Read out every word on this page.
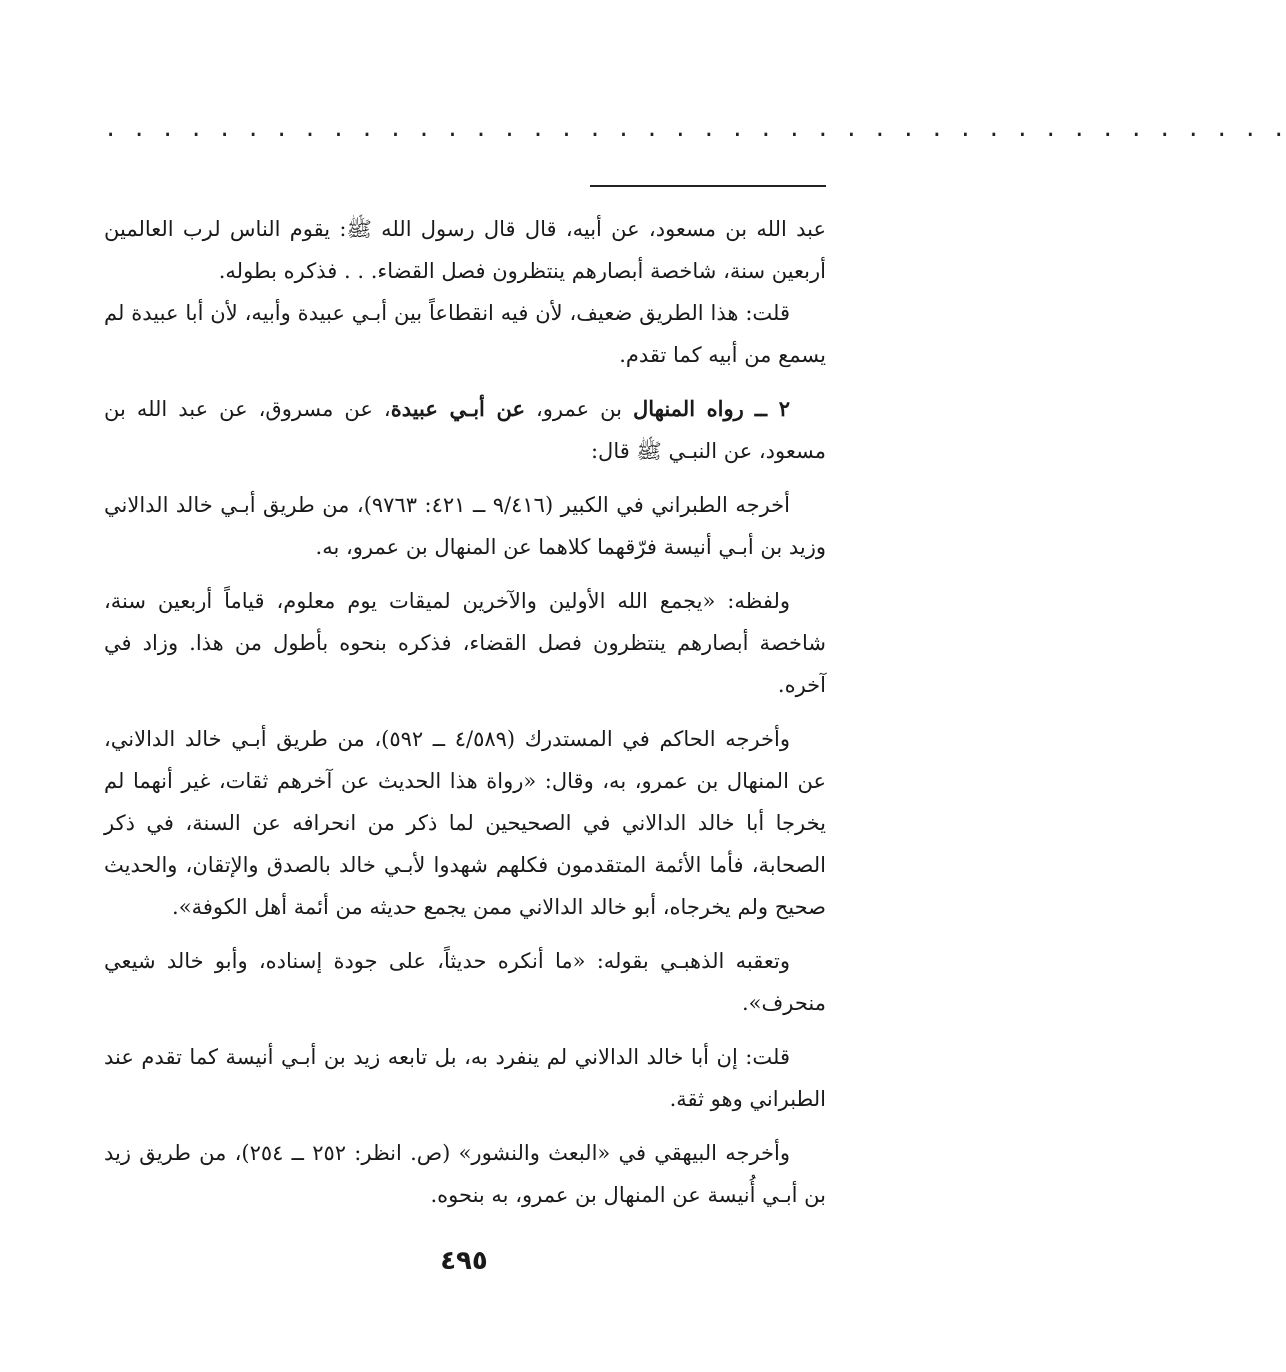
. . . . . . . . . . . . . . . . . . . . . . . . . . . . . . . . . . . . . . . . . .

عبد الله بن مسعود، عن أبيه، قال قال رسول الله ﷺ: يقوم الناس لرب العالمين أربعين سنة، شاخصة أبصارهم ينتظرون فصل القضاء. . . فذكره بطوله.

قلت: هذا الطريق ضعيف، لأن فيه انقطاعاً بين أبـي عبيدة وأبيه، لأن أبا عبيدة لم يسمع من أبيه كما تقدم.

٢ ــ رواه المنهال بن عمرو، عن أبـي عبيدة، عن مسروق، عن عبد الله بن مسعود، عن النبـي ﷺ قال:

أخرجه الطبراني في الكبير (٩/٤١٦ ــ ٤٢١: ٩٧٦٣)، من طريق أبـي خالد الدالاني وزيد بن أبـي أنيسة فرّقهما كلاهما عن المنهال بن عمرو، به.

ولفظه: «يجمع الله الأولين والآخرين لميقات يوم معلوم، قياماً أربعين سنة، شاخصة أبصارهم ينتظرون فصل القضاء، فذكره بنحوه بأطول من هذا. وزاد في آخره.

وأخرجه الحاكم في المستدرك (٤/٥٨٩ ــ ٥٩٢)، من طريق أبـي خالد الدالاني، عن المنهال بن عمرو، به، وقال: «رواة هذا الحديث عن آخرهم ثقات، غير أنهما لم يخرجا أبا خالد الدالاني في الصحيحين لما ذكر من انحرافه عن السنة، في ذكر الصحابة، فأما الأئمة المتقدمون فكلهم شهدوا لأبـي خالد بالصدق والإتقان، والحديث صحيح ولم يخرجاه، أبو خالد الدالاني ممن يجمع حديثه من أئمة أهل الكوفة».

وتعقبه الذهبـي بقوله: «ما أنكره حديثاً، على جودة إسناده، وأبو خالد شيعي منحرف».

قلت: إن أبا خالد الدالاني لم ينفرد به، بل تابعه زيد بن أبـي أنيسة كما تقدم عند الطبراني وهو ثقة.

وأخرجه البيهقي في «البعث والنشور» (ص. انظر: ٢٥٢ ــ ٢٥٤)، من طريق زيد بن أبـي أُنيسة عن المنهال بن عمرو، به بنحوه.

٤٩٥
